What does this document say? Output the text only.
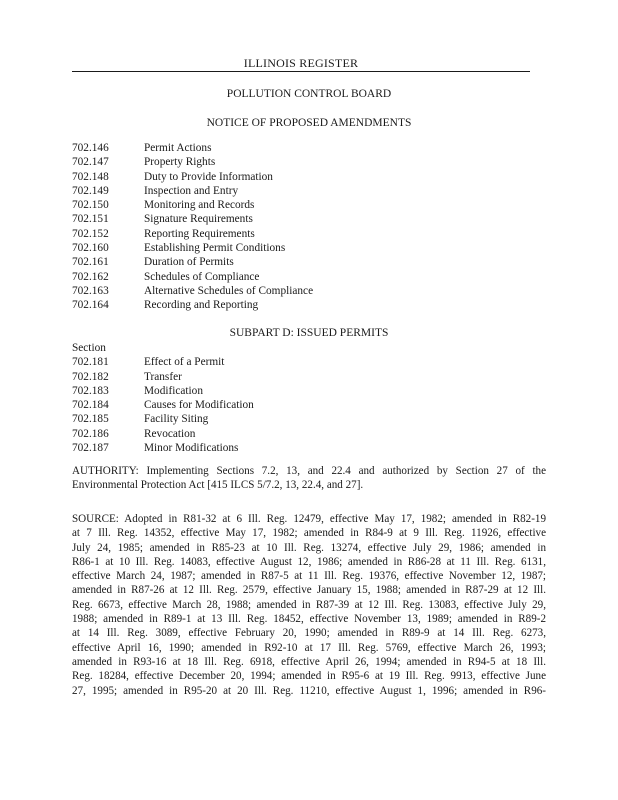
ILLINOIS REGISTER
POLLUTION CONTROL BOARD
NOTICE OF PROPOSED AMENDMENTS
702.146	Permit Actions
702.147	Property Rights
702.148	Duty to Provide Information
702.149	Inspection and Entry
702.150	Monitoring and Records
702.151	Signature Requirements
702.152	Reporting Requirements
702.160	Establishing Permit Conditions
702.161	Duration of Permits
702.162	Schedules of Compliance
702.163	Alternative Schedules of Compliance
702.164	Recording and Reporting
SUBPART D: ISSUED PERMITS
Section
702.181	Effect of a Permit
702.182	Transfer
702.183	Modification
702.184	Causes for Modification
702.185	Facility Siting
702.186	Revocation
702.187	Minor Modifications
AUTHORITY: Implementing Sections 7.2, 13, and 22.4 and authorized by Section 27 of the
Environmental Protection Act [415 ILCS 5/7.2, 13, 22.4, and 27].
SOURCE: Adopted in R81-32 at 6 Ill. Reg. 12479, effective May 17, 1982; amended in R82-19
at 7 Ill. Reg. 14352, effective May 17, 1982; amended in R84-9 at 9 Ill. Reg. 11926, effective
July 24, 1985; amended in R85-23 at 10 Ill. Reg. 13274, effective July 29, 1986; amended in
R86-1 at 10 Ill. Reg. 14083, effective August 12, 1986; amended in R86-28 at 11 Ill. Reg. 6131,
effective March 24, 1987; amended in R87-5 at 11 Ill. Reg. 19376, effective November 12, 1987;
amended in R87-26 at 12 Ill. Reg. 2579, effective January 15, 1988; amended in R87-29 at 12 Ill.
Reg. 6673, effective March 28, 1988; amended in R87-39 at 12 Ill. Reg. 13083, effective July 29,
1988; amended in R89-1 at 13 Ill. Reg. 18452, effective November 13, 1989; amended in R89-2
at 14 Ill. Reg. 3089, effective February 20, 1990; amended in R89-9 at 14 Ill. Reg. 6273,
effective April 16, 1990; amended in R92-10 at 17 Ill. Reg. 5769, effective March 26, 1993;
amended in R93-16 at 18 Ill. Reg. 6918, effective April 26, 1994; amended in R94-5 at 18 Ill.
Reg. 18284, effective December 20, 1994; amended in R95-6 at 19 Ill. Reg. 9913, effective June
27, 1995; amended in R95-20 at 20 Ill. Reg. 11210, effective August 1, 1996; amended in R96-
